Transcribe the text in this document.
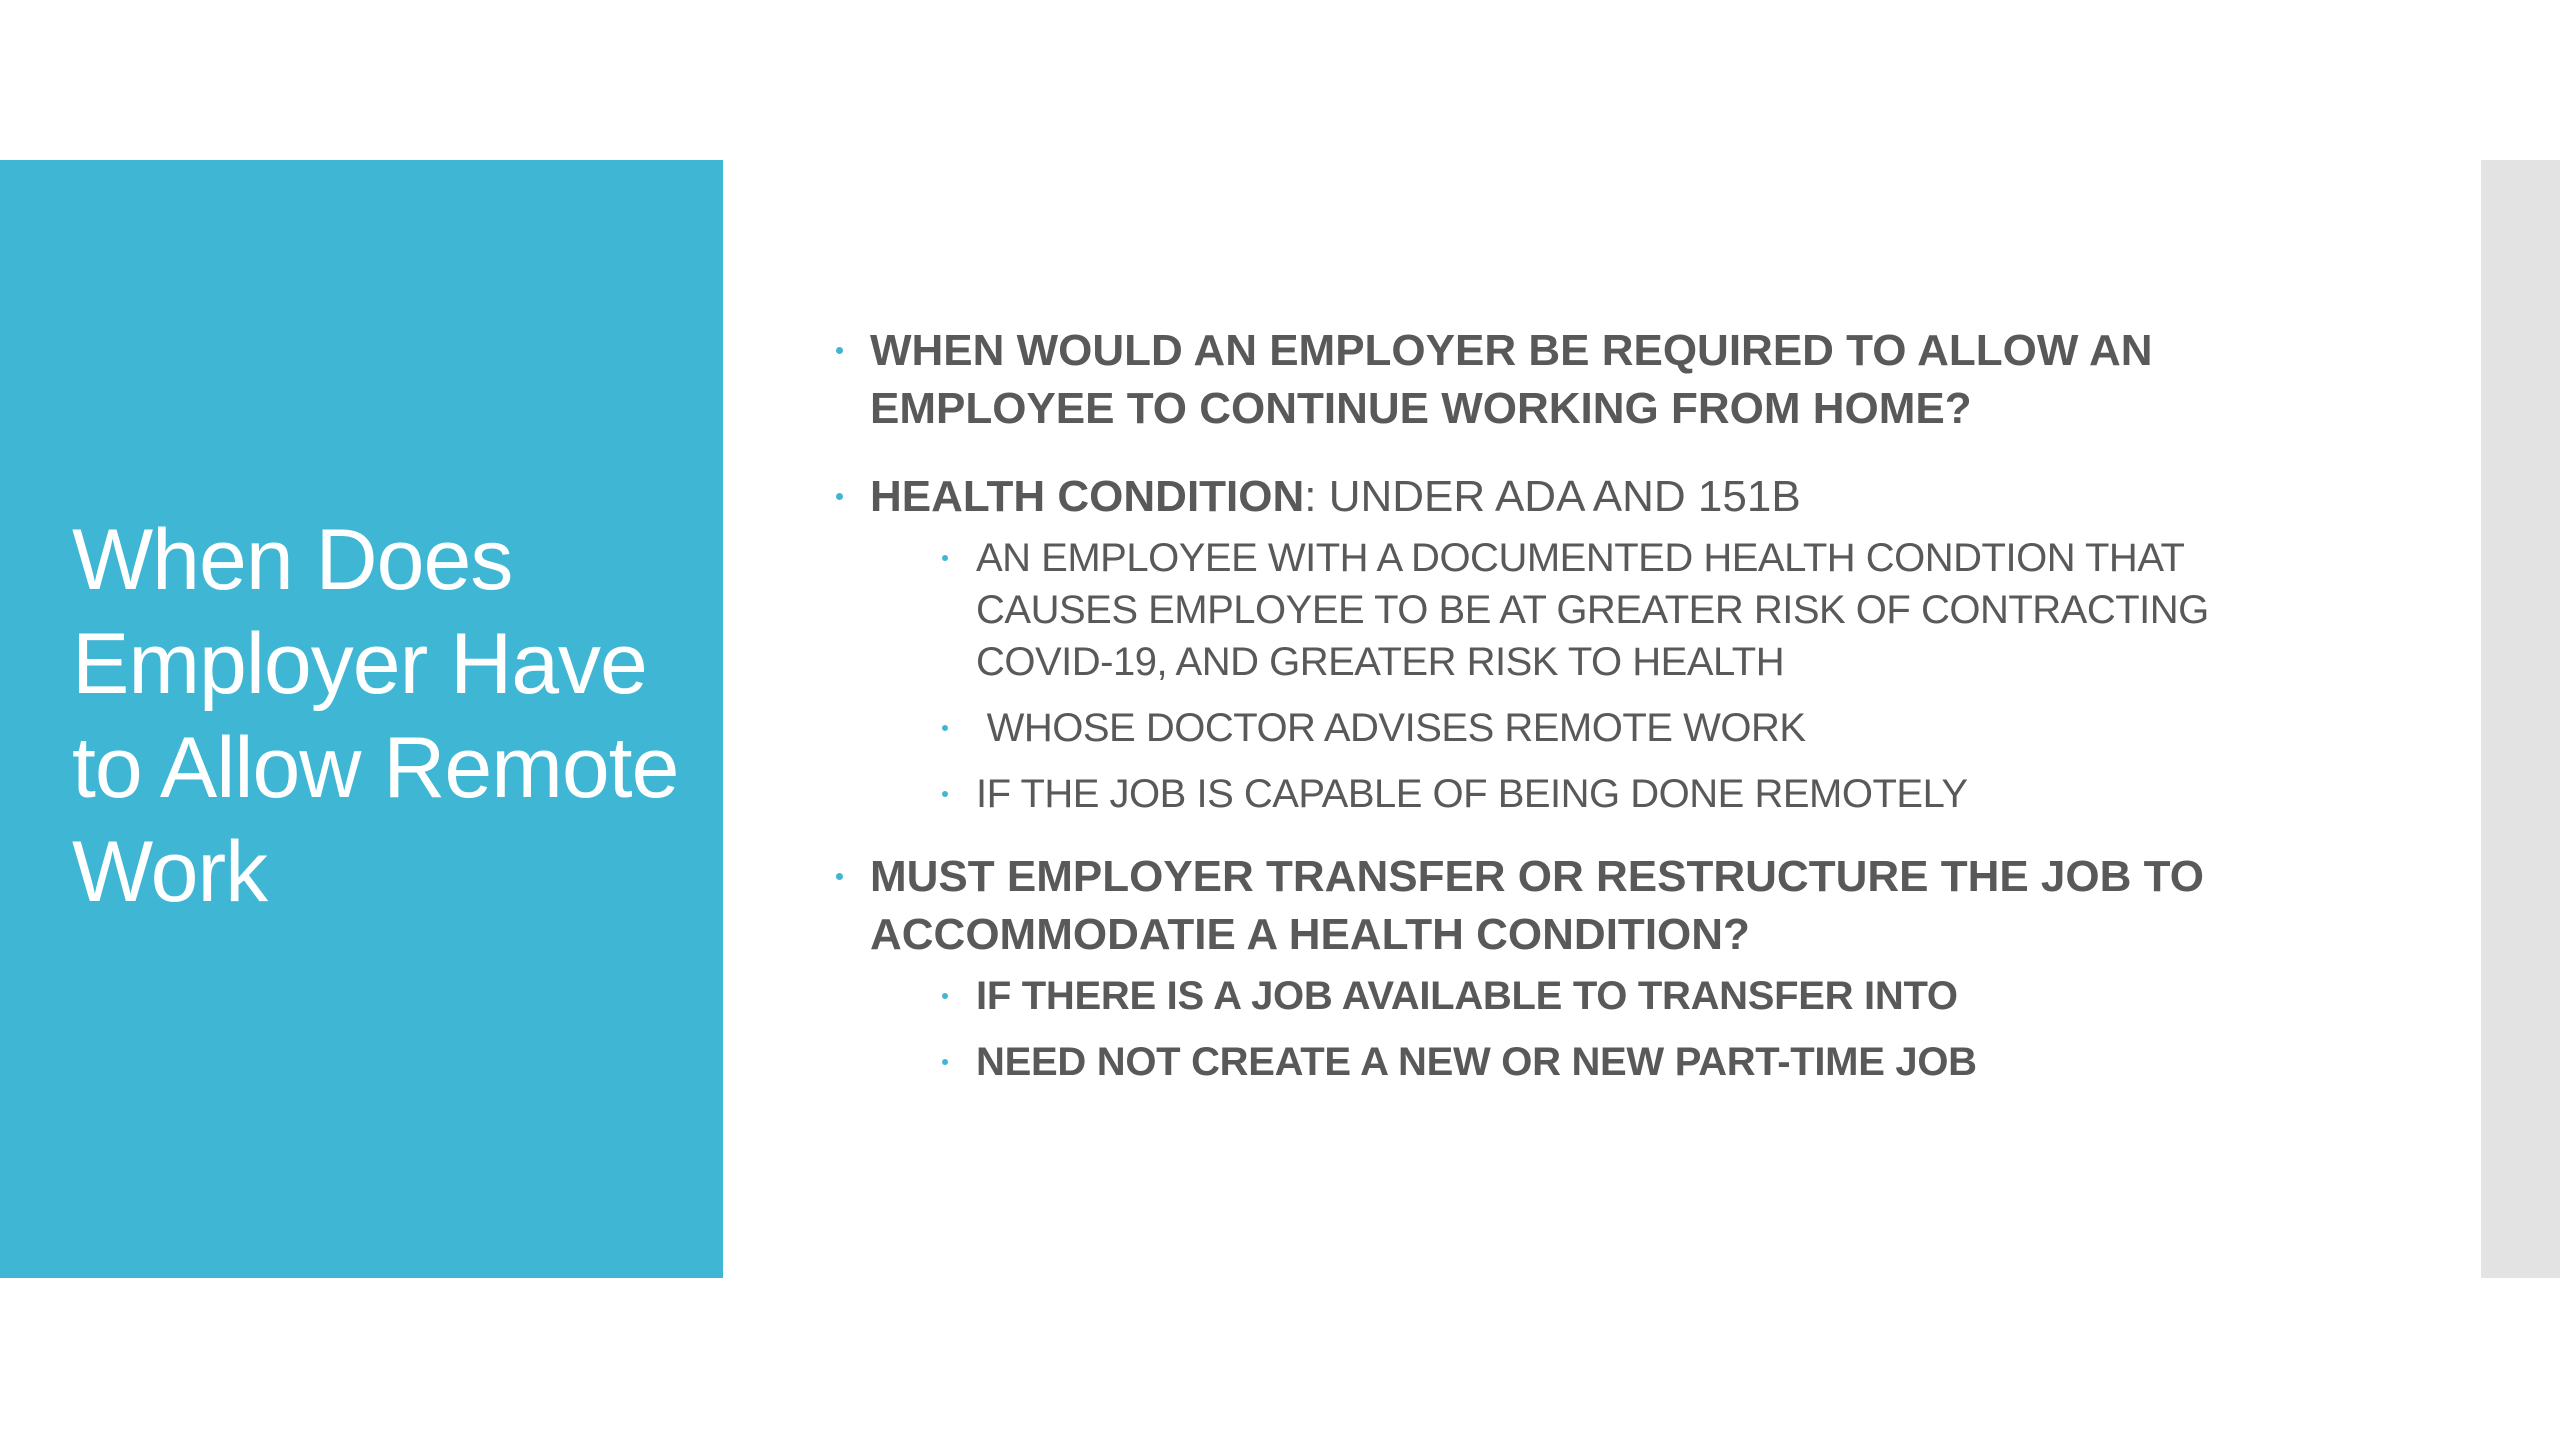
When Does Employer Have to Allow Remote Work
WHEN WOULD AN EMPLOYER BE REQUIRED TO ALLOW AN EMPLOYEE TO CONTINUE WORKING FROM HOME?
HEALTH CONDITION: UNDER ADA AND 151B
AN EMPLOYEE WITH A DOCUMENTED HEALTH CONDTION THAT CAUSES EMPLOYEE TO BE AT GREATER RISK OF CONTRACTING COVID-19, AND GREATER RISK TO HEALTH
WHOSE DOCTOR ADVISES REMOTE WORK
IF THE JOB IS CAPABLE OF BEING DONE REMOTELY
MUST EMPLOYER TRANSFER OR RESTRUCTURE THE JOB TO ACCOMMODATIE A HEALTH CONDITION?
IF THERE IS A JOB AVAILABLE TO TRANSFER INTO
NEED NOT CREATE A NEW OR NEW PART-TIME JOB
